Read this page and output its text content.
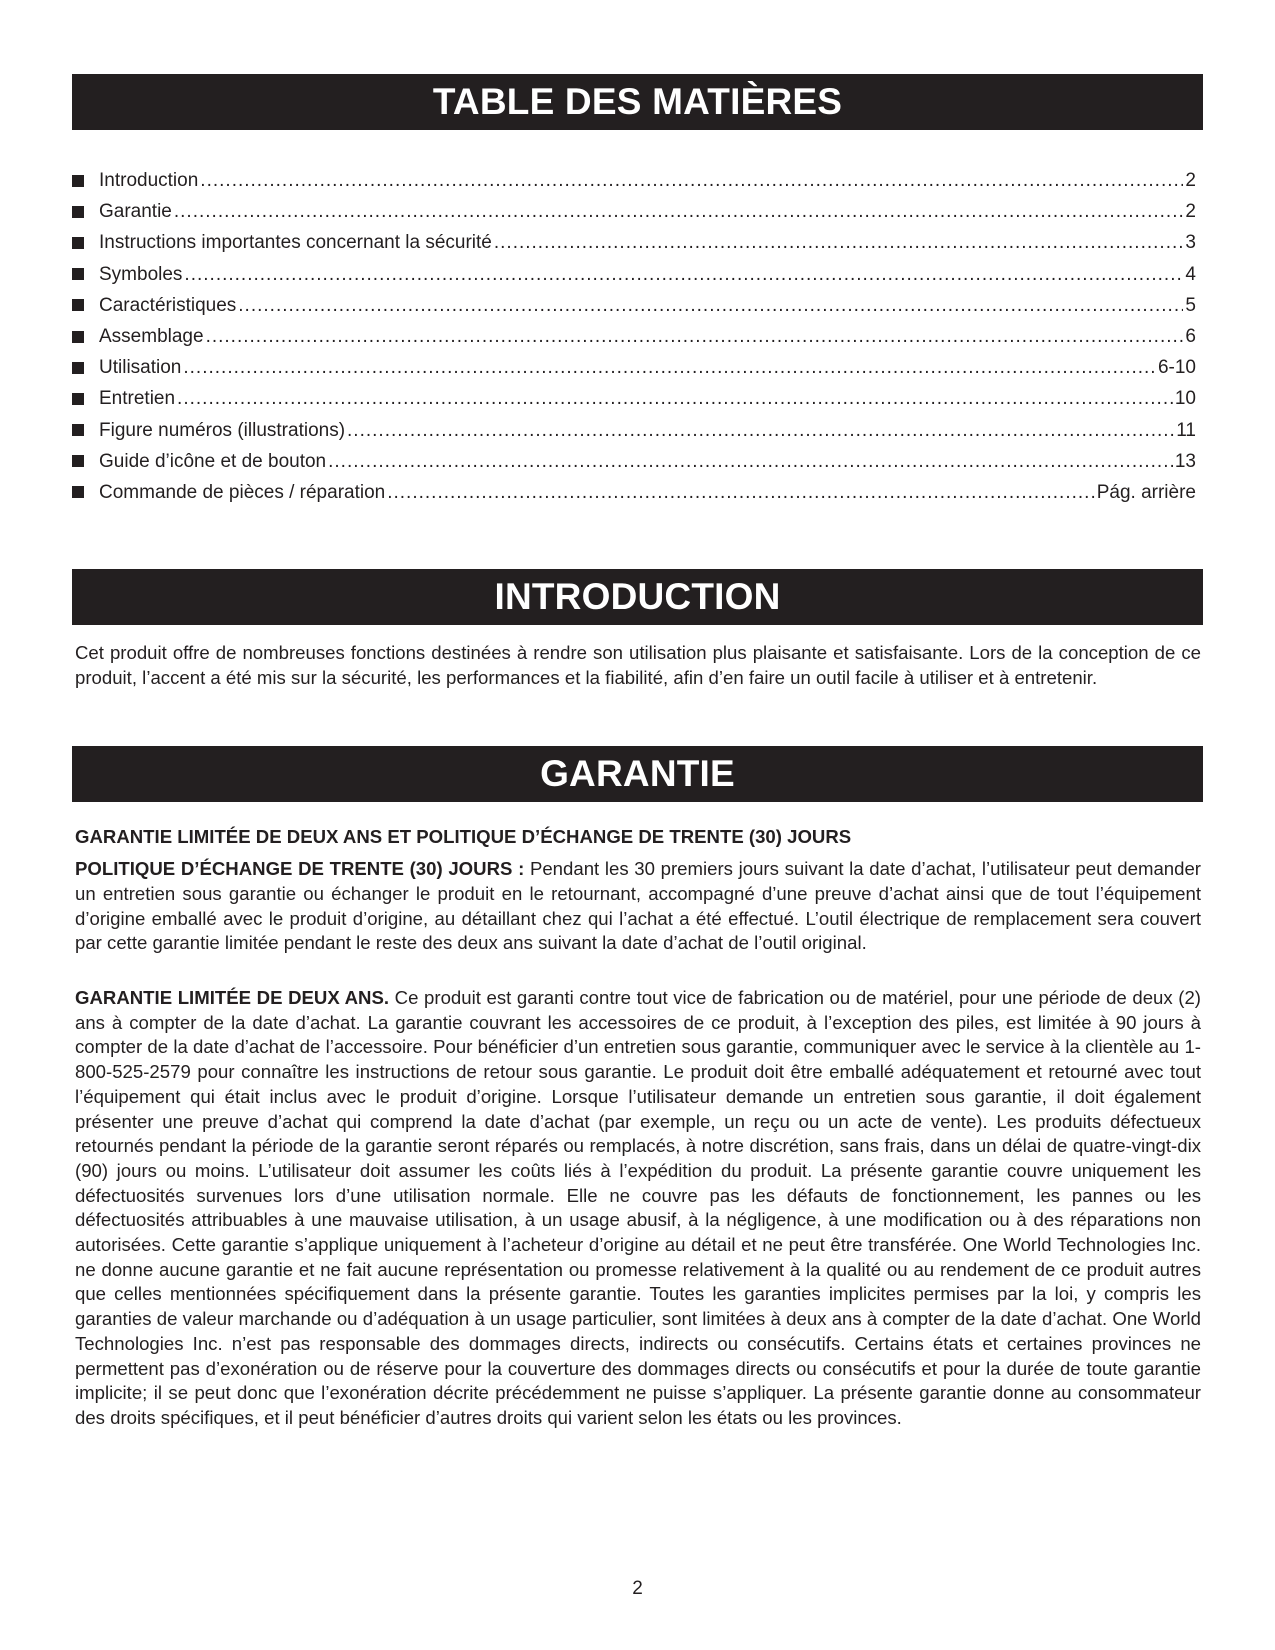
TABLE DES MATIÈRES
Introduction .....	2
Garantie .....	2
Instructions importantes concernant la sécurité .....	3
Symboles .....	4
Caractéristiques .....	5
Assemblage .....	6
Utilisation .....	6-10
Entretien .....	10
Figure numéros (illustrations) .....	11
Guide d’icône et de bouton .....	13
Commande de pièces / réparation .....	Pág. arrière
INTRODUCTION

Cet produit offre de nombreuses fonctions destinées à rendre son utilisation plus plaisante et satisfaisante. Lors de la conception de ce produit, l’accent a été mis sur la sécurité, les performances et la fiabilité, afin d’en faire un outil facile à utiliser et à entretenir.

GARANTIE

GARANTIE LIMITÉE DE DEUX ANS ET POLITIQUE D’ÉCHANGE DE TRENTE (30) JOURS

POLITIQUE D’ÉCHANGE DE TRENTE (30) JOURS : Pendant les 30 premiers jours suivant la date d’achat, l’utilisateur peut demander un entretien sous garantie ou échanger le produit en le retournant, accompagné d’une preuve d’achat ainsi que de tout l’équipement d’origine emballé avec le produit d’origine, au détaillant chez qui l’achat a été effectué. L’outil électrique de remplacement sera couvert par cette garantie limitée pendant le reste des deux ans suivant la date d’achat de l’outil original.

GARANTIE LIMITÉE DE DEUX ANS. Ce produit est garanti contre tout vice de fabrication ou de matériel, pour une période de deux (2) ans à compter de la date d’achat. La garantie couvrant les accessoires de ce produit, à l’exception des piles, est limitée à 90 jours à compter de la date d’achat de l’accessoire. Pour bénéficier d’un entretien sous garantie, communiquer avec le service à la clientèle au 1-800-525-2579 pour connaître les instructions de retour sous garantie. Le produit doit être emballé adéquatement et retourné avec tout l’équipement qui était inclus avec le produit d’origine. Lorsque l’utilisateur demande un entretien sous garantie, il doit également présenter une preuve d’achat qui comprend la date d’achat (par exemple, un reçu ou un acte de vente). Les produits défectueux retournés pendant la période de la garantie seront réparés ou remplacés, à notre discrétion, sans frais, dans un délai de quatre-vingt-dix (90) jours ou moins. L’utilisateur doit assumer les coûts liés à l’expédition du produit. La présente garantie couvre uniquement les défectuosités survenues lors d’une utilisation normale. Elle ne couvre pas les défauts de fonctionnement, les pannes ou les défectuosités attribuables à une mauvaise utilisation, à un usage abusif, à la négligence, à une modification ou à des réparations non autorisées. Cette garantie s’applique uniquement à l’acheteur d’origine au détail et ne peut être transférée. One World Technologies Inc. ne donne aucune garantie et ne fait aucune représentation ou promesse relativement à la qualité ou au rendement de ce produit autres que celles mentionnées spécifiquement dans la présente garantie. Toutes les garanties implicites permises par la loi, y compris les garanties de valeur marchande ou d’adéquation à un usage particulier, sont limitées à deux ans à compter de la date d’achat. One World Technologies Inc. n’est pas responsable des dommages directs, indirects ou consécutifs. Certains états et certaines provinces ne permettent pas d’exonération ou de réserve pour la couverture des dommages directs ou consécutifs et pour la durée de toute garantie implicite; il se peut donc que l’exonération décrite précédemment ne puisse s’appliquer. La présente garantie donne au consommateur des droits spécifiques, et il peut bénéficier d’autres droits qui varient selon les états ou les provinces.

2
